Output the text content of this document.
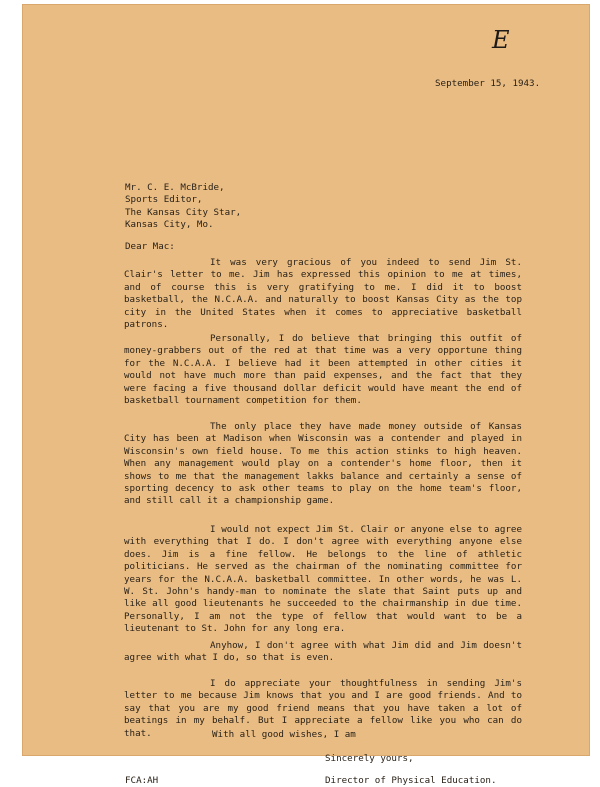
E
September 15, 1943.
Mr. C. E. McBride,
Sports Editor,
The Kansas City Star,
Kansas City, Mo.
Dear Mac:
It was very gracious of you indeed to send Jim St. Clair's letter to me. Jim has expressed this opinion to me at times, and of course this is very gratifying to me. I did it to boost basketball, the N.C.A.A. and naturally to boost Kansas City as the top city in the United States when it comes to appreciative basketball patrons.
Personally, I do believe that bringing this outfit of money-grabbers out of the red at that time was a very opportune thing for the N.C.A.A. I believe had it been attempted in other cities it would not have much more than paid expenses, and the fact that they were facing a five thousand dollar deficit would have meant the end of basketball tournament competition for them.
The only place they have made money outside of Kansas City has been at Madison when Wisconsin was a contender and played in Wisconsin's own field house. To me this action stinks to high heaven. When any management would play on a contender's home floor, then it shows to me that the management lakks balance and certainly a sense of sporting decency to ask other teams to play on the home team's floor, and still call it a championship game.
I would not expect Jim St. Clair or anyone else to agree with everything that I do. I don't agree with everything anyone else does. Jim is a fine fellow. He belongs to the line of athletic politicians. He served as the chairman of the nominating committee for years for the N.C.A.A. basketball committee. In other words, he was L. W. St. John's handy-man to nominate the slate that Saint puts up and like all good lieutenants he succeeded to the chairmanship in due time. Personally, I am not the type of fellow that would want to be a lieutenant to St. John for any long era.
Anyhow, I don't agree with what Jim did and Jim doesn't agree with what I do, so that is even.
I do appreciate your thoughtfulness in sending Jim's letter to me because Jim knows that you and I are good friends. And to say that you are my good friend means that you have taken a lot of beatings in my behalf. But I appreciate a fellow like you who can do that.	With all good wishes, I am
Sincerely yours,
FCA:AH	Director of Physical Education.
